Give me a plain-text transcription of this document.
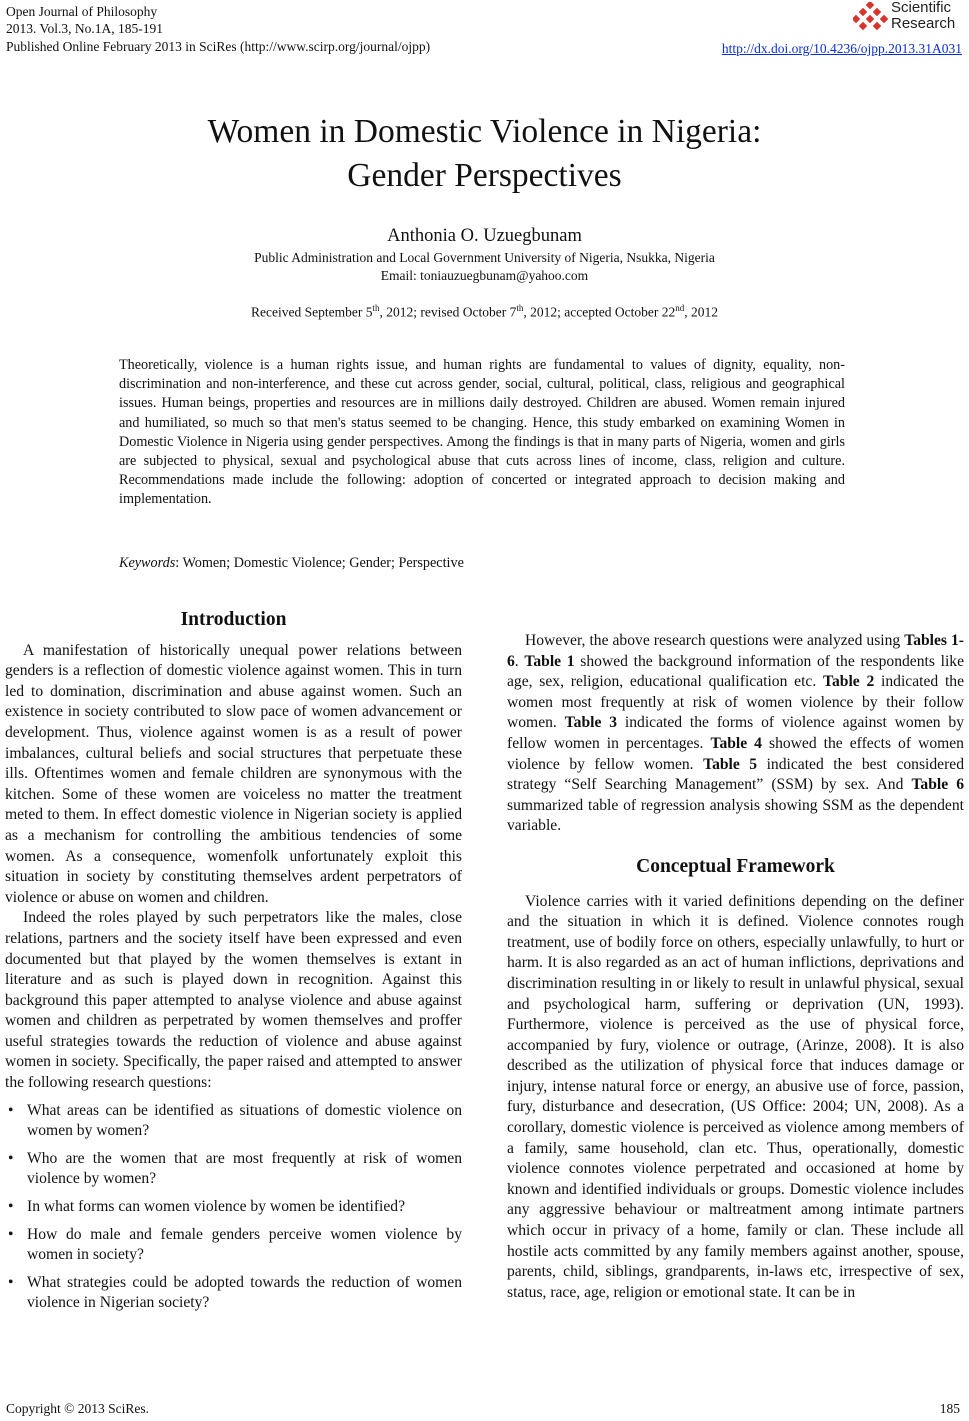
Open Journal of Philosophy
2013. Vol.3, No.1A, 185-191
Published Online February 2013 in SciRes (http://www.scirp.org/journal/ojpp)	http://dx.doi.org/10.4236/ojpp.2013.31A031
Scientific
Research
Women in Domestic Violence in Nigeria:
Gender Perspectives
Anthonia O. Uzuegbunam
Public Administration and Local Government University of Nigeria, Nsukka, Nigeria
Email: toniauzuegbunam@yahoo.com
Received September 5th, 2012; revised October 7th, 2012; accepted October 22nd, 2012
Theoretically, violence is a human rights issue, and human rights are fundamental to values of dignity, equality, non-discrimination and non-interference, and these cut across gender, social, cultural, political, class, religious and geographical issues. Human beings, properties and resources are in millions daily destroyed. Children are abused. Women remain injured and humiliated, so much so that men's status seemed to be changing. Hence, this study embarked on examining Women in Domestic Violence in Nigeria using gender perspectives. Among the findings is that in many parts of Nigeria, women and girls are subjected to physical, sexual and psychological abuse that cuts across lines of income, class, religion and culture. Recommendations made include the following: adoption of concerted or integrated approach to decision making and implementation.
Keywords: Women; Domestic Violence; Gender; Perspective
Introduction

A manifestation of historically unequal power relations between genders is a reflection of domestic violence against women. This in turn led to domination, discrimination and abuse against women. Such an existence in society contributed to slow pace of women advancement or development. Thus, violence against women is as a result of power imbalances, cultural beliefs and social structures that perpetuate these ills. Oftentimes women and female children are synonymous with the kitchen. Some of these women are voiceless no matter the treatment meted to them. In effect domestic violence in Nigerian society is applied as a mechanism for controlling the ambitious tendencies of some women. As a consequence, womenfolk unfortunately exploit this situation in society by constituting themselves ardent perpetrators of violence or abuse on women and children.

Indeed the roles played by such perpetrators like the males, close relations, partners and the society itself have been expressed and even documented but that played by the women themselves is extant in literature and as such is played down in recognition. Against this background this paper attempted to analyse violence and abuse against women and children as perpetrated by women themselves and proffer useful strategies towards the reduction of violence and abuse against women in society. Specifically, the paper raised and attempted to answer the following research questions:

• What areas can be identified as situations of domestic violence on women by women?
• Who are the women that are most frequently at risk of women violence by women?
• In what forms can women violence by women be identified?
• How do male and female genders perceive women violence by women in society?
• What strategies could be adopted towards the reduction of women violence in Nigerian society?

However, the above research questions were analyzed using Tables 1-6. Table 1 showed the background information of the respondents like age, sex, religion, educational qualification etc. Table 2 indicated the women most frequently at risk of women violence by their follow women. Table 3 indicated the forms of violence against women by fellow women in percentages. Table 4 showed the effects of women violence by fellow women. Table 5 indicated the best considered strategy “Self Searching Management” (SSM) by sex. And Table 6 summarized table of regression analysis showing SSM as the dependent variable.

Conceptual Framework

Violence carries with it varied definitions depending on the definer and the situation in which it is defined. Violence connotes rough treatment, use of bodily force on others, especially unlawfully, to hurt or harm. It is also regarded as an act of human inflictions, deprivations and discrimination resulting in or likely to result in unlawful physical, sexual and psychological harm, suffering or deprivation (UN, 1993). Furthermore, violence is perceived as the use of physical force, accompanied by fury, violence or outrage, (Arinze, 2008). It is also described as the utilization of physical force that induces damage or injury, intense natural force or energy, an abusive use of force, passion, fury, disturbance and desecration, (US Office: 2004; UN, 2008). As a corollary, domestic violence is perceived as violence among members of a family, same household, clan etc. Thus, operationally, domestic violence connotes violence perpetrated and occasioned at home by known and identified individuals or groups. Domestic violence includes any aggressive behaviour or maltreatment among intimate partners which occur in privacy of a home, family or clan. These include all hostile acts committed by any family members against another, spouse, parents, child, siblings, grandparents, in-laws etc, irrespective of sex, status, race, age, religion or emotional state. It can be in

Copyright © 2013 SciRes.	185
